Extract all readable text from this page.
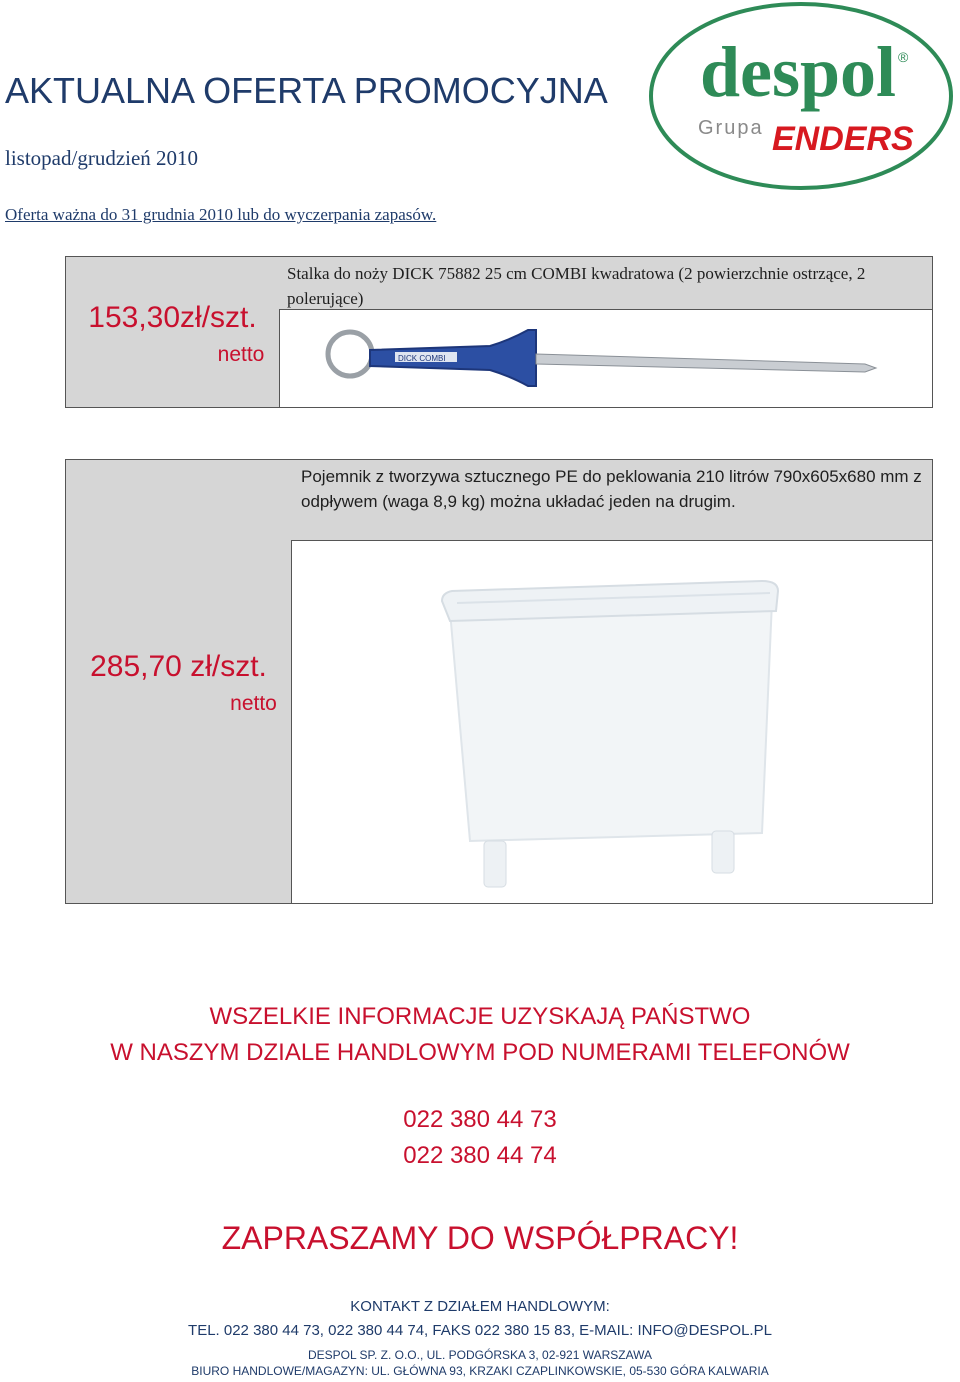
AKTUALNA OFERTA PROMOCYJNA
listopad/grudzień 2010
Oferta ważna do 31 grudnia 2010 lub do wyczerpania zapasów.
despol ®
Grupa ENDERS
153,30zł/szt.
netto
Stalka do noży DICK 75882 25 cm COMBI kwadratowa (2 powierzchnie ostrzące, 2 polerujące)
DICK COMBI
285,70 zł/szt.
netto
Pojemnik z tworzywa sztucznego PE do peklowania 210 litrów 790x605x680 mm z odpływem (waga 8,9 kg) można układać jeden na drugim.
WSZELKIE INFORMACJE UZYSKAJĄ PAŃSTWO
W NASZYM DZIALE HANDLOWYM POD NUMERAMI TELEFONÓW
022 380 44 73
022 380 44 74
ZAPRASZAMY DO WSPÓŁPRACY!
KONTAKT Z DZIAŁEM HANDLOWYM:
TEL. 022 380 44 73, 022 380 44 74, FAKS 022 380 15 83, E-MAIL: INFO@DESPOL.PL
DESPOL SP. Z. O.O., UL. PODGÓRSKA 3, 02-921 WARSZAWA
BIURO HANDLOWE/MAGAZYN: UL. GŁÓWNA 93, KRZAKI CZAPLINKOWSKIE, 05-530 GÓRA KALWARIA
